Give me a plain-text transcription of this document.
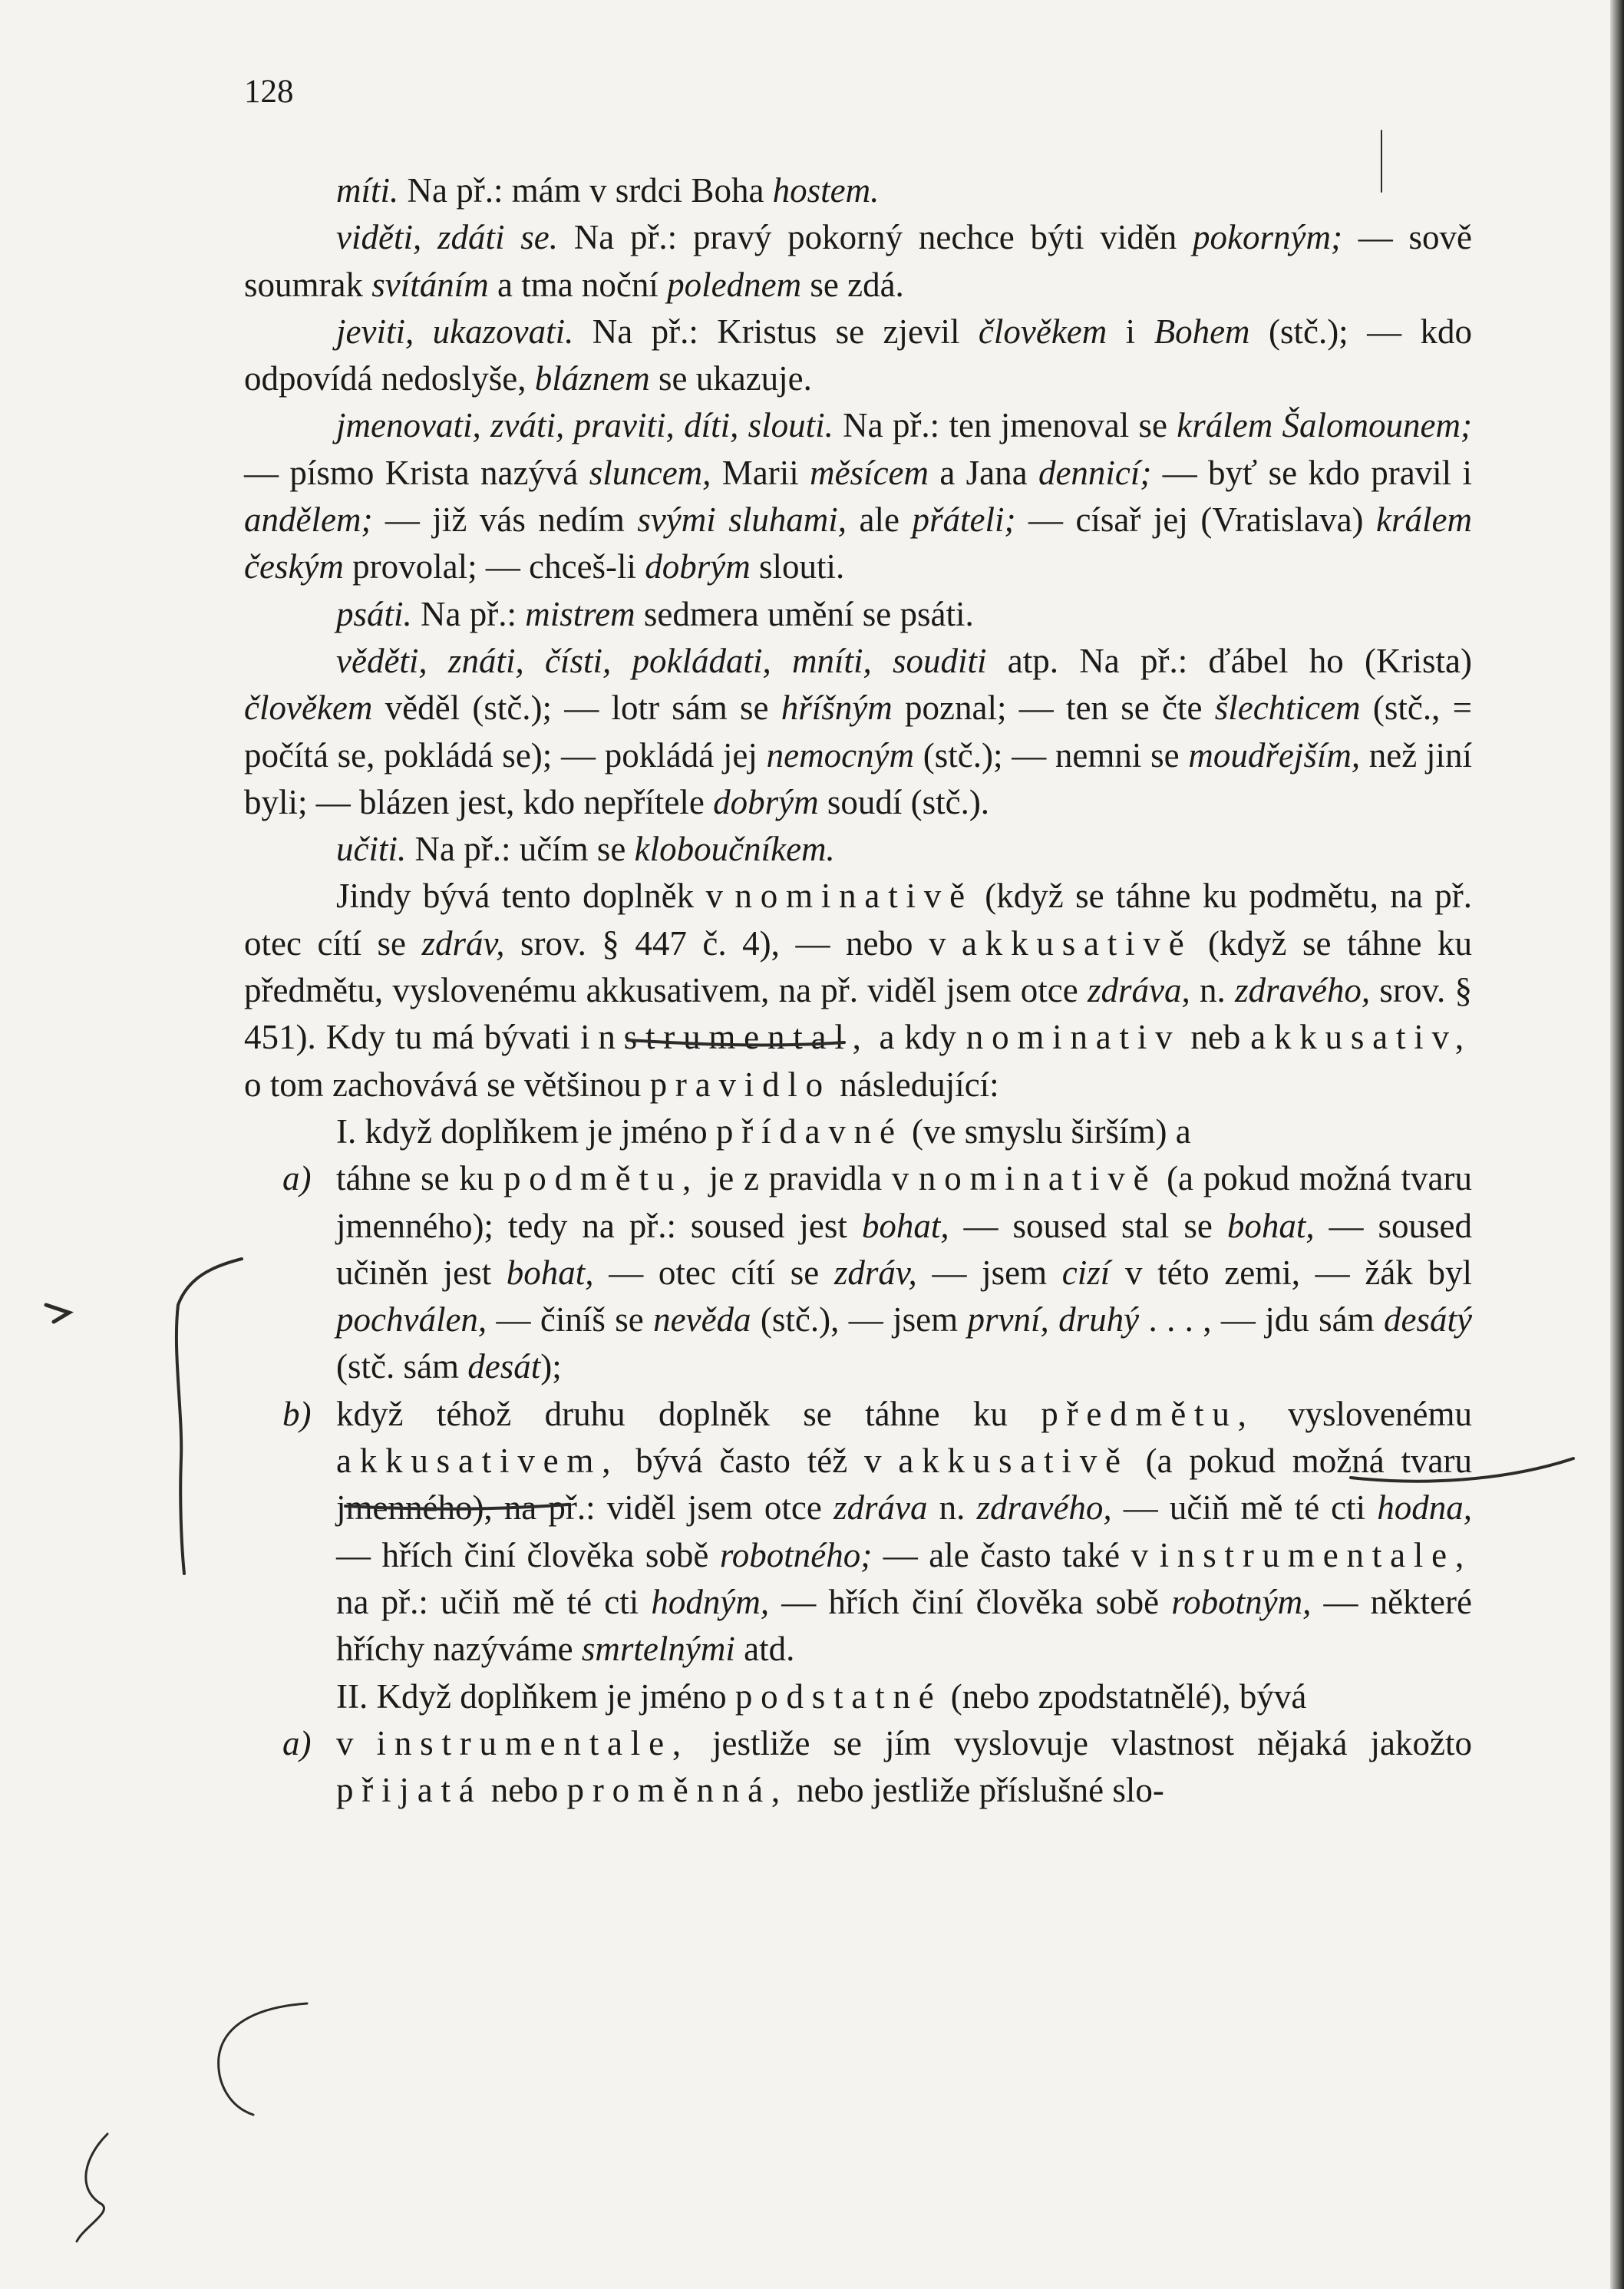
128

míti. Na př.: mám v srdci Boha hostem.

viděti, zdáti se. Na př.: pravý pokorný nechce býti viděn pokorným; — sově soumrak svítáním a tma noční polednem se zdá.

jeviti, ukazovati. Na př.: Kristus se zjevil člověkem i Bohem (stč.); — kdo odpovídá nedoslyše, bláznem se ukazuje.

jmenovati, zváti, praviti, díti, slouti. Na př.: ten jmenoval se králem Šalomounem; — písmo Krista nazývá sluncem, Marii měsícem a Jana dennicí; — byť se kdo pravil i andělem; — již vás nedím svými sluhami, ale přáteli; — císař jej (Vratislava) králem českým provolal; — chceš-li dobrým slouti.

psáti. Na př.: mistrem sedmera umění se psáti.

věděti, znáti, čísti, pokládati, mníti, souditi atp. Na př.: ďábel ho (Krista) člověkem věděl (stč.); — lotr sám se hříšným poznal; — ten se čte šlechticem (stč., = počítá se, pokládá se); — pokládá jej nemocným (stč.); — nemni se moudřejším, než jiní byli; — blázen jest, kdo nepřítele dobrým soudí (stč.).

učiti. Na př.: učím se kloboučníkem.

Jindy bývá tento doplněk v nominativě (když se táhne ku podmětu, na př. otec cítí se zdráv, srov. § 447 č. 4), — nebo v akkusativě (když se táhne ku předmětu, vyslovenému akkusativem, na př. viděl jsem otce zdráva, n. zdravého, srov. § 451). Kdy tu má bývati instrumental, a kdy nominativ neb akkusativ, o tom zachovává se většinou pravidlo následující:

I. když doplňkem je jméno přídavné (ve smyslu širším) a

a) táhne se ku podmětu, je z pravidla v nominativě (a pokud možná tvaru jmenného); tedy na př.: soused jest bohat, — soused stal se bohat, — soused učiněn jest bohat, — otec cítí se zdráv, — jsem cizí v této zemi, — žák byl pochválen, — činíš se nevěda (stč.), — jsem první, druhý . . . , — jdu sám desátý (stč. sám desát);

b) když téhož druhu doplněk se táhne ku předmětu, vyslovenému akkusativem, bývá často též v akkusativě (a pokud možná tvaru jmenného), na př.: viděl jsem otce zdráva n. zdravého, — učiň mě té cti hodna, — hřích činí člověka sobě robotného; — ale často také v instrumentale, na př.: učiň mě té cti hodným, — hřích činí člověka sobě robotným, — některé hříchy nazýváme smrtelnými atd.

II. Když doplňkem je jméno podstatné (nebo zpodstatnělé), bývá

a) v instrumentale, jestliže se jím vyslovuje vlastnost nějaká jakožto přijatá nebo proměnná, nebo jestliže příslušné slo-
